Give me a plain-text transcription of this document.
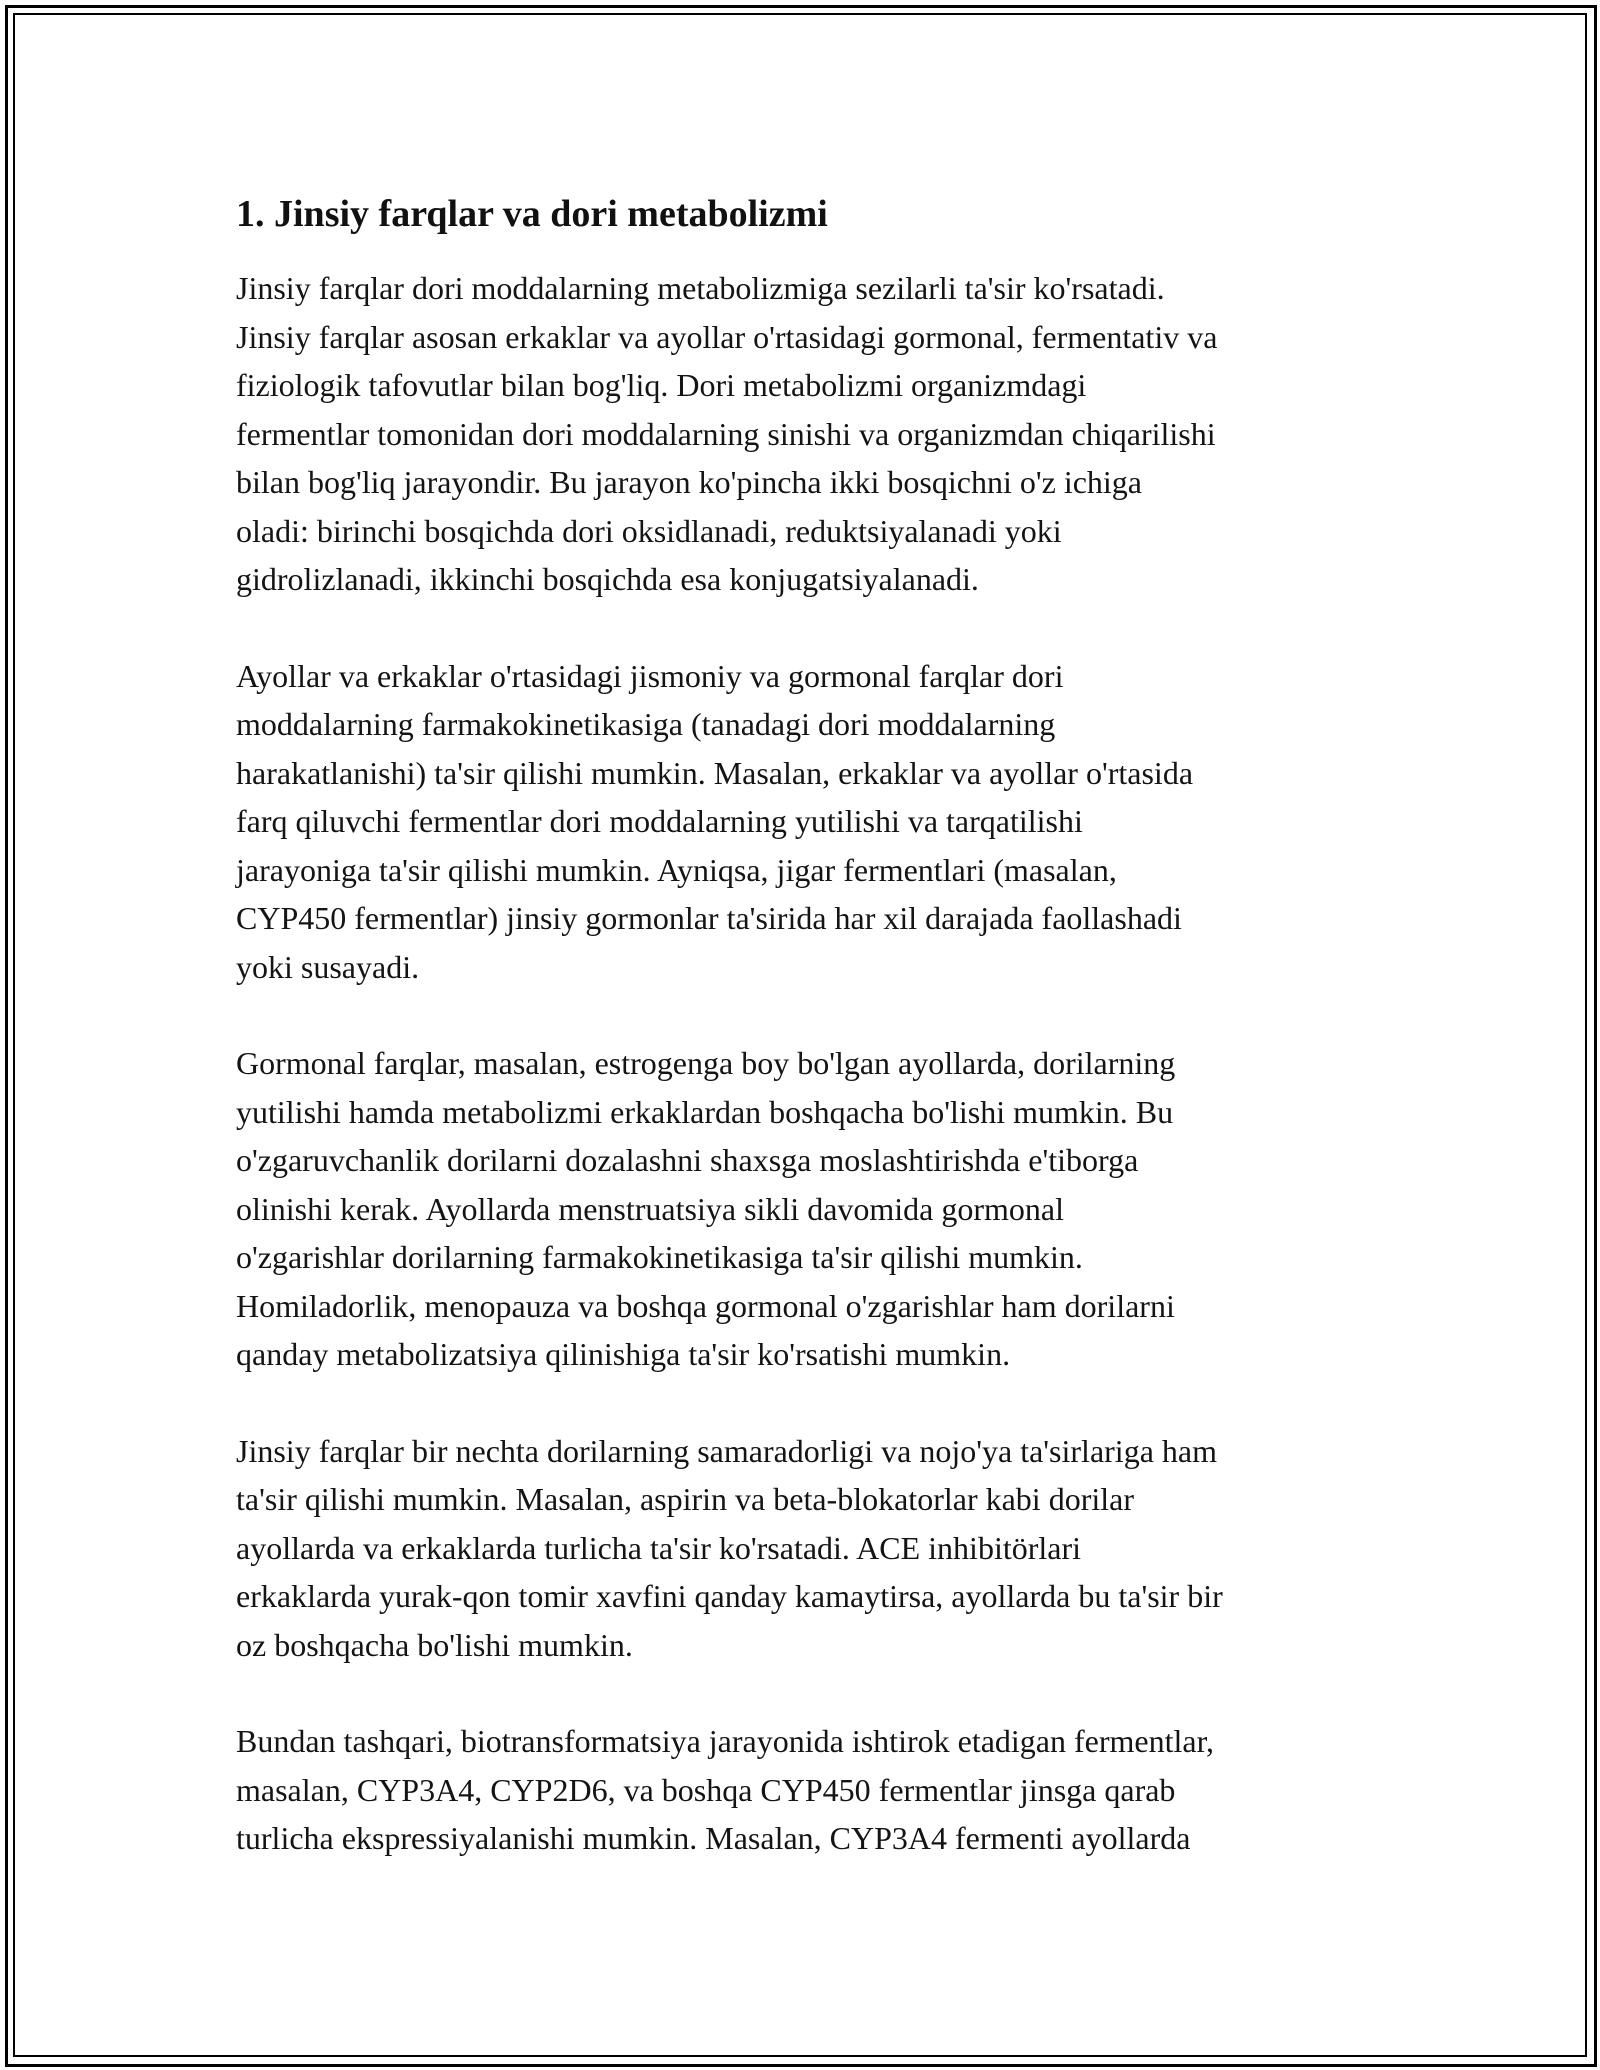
1. Jinsiy farqlar va dori metabolizmi

Jinsiy farqlar dori moddalarning metabolizmiga sezilarli ta'sir ko'rsatadi.
Jinsiy farqlar asosan erkaklar va ayollar o'rtasidagi gormonal, fermentativ va
fiziologik tafovutlar bilan bog'liq. Dori metabolizmi organizmdagi
fermentlar tomonidan dori moddalarning sinishi va organizmdan chiqarilishi
bilan bog'liq jarayondir. Bu jarayon ko'pincha ikki bosqichni o'z ichiga
oladi: birinchi bosqichda dori oksidlanadi, reduktsiyalanadi yoki
gidrolizlanadi, ikkinchi bosqichda esa konjugatsiyalanadi.

Ayollar va erkaklar o'rtasidagi jismoniy va gormonal farqlar dori
moddalarning farmakokinetikasiga (tanadagi dori moddalarning
harakatlanishi) ta'sir qilishi mumkin. Masalan, erkaklar va ayollar o'rtasida
farq qiluvchi fermentlar dori moddalarning yutilishi va tarqatilishi
jarayoniga ta'sir qilishi mumkin. Ayniqsa, jigar fermentlari (masalan,
CYP450 fermentlar) jinsiy gormonlar ta'sirida har xil darajada faollashadi
yoki susayadi.

Gormonal farqlar, masalan, estrogenga boy bo'lgan ayollarda, dorilarning
yutilishi hamda metabolizmi erkaklardan boshqacha bo'lishi mumkin. Bu
o'zgaruvchanlik dorilarni dozalashni shaxsga moslashtirishda e'tiborga
olinishi kerak. Ayollarda menstruatsiya sikli davomida gormonal
o'zgarishlar dorilarning farmakokinetikasiga ta'sir qilishi mumkin.
Homiladorlik, menopauza va boshqa gormonal o'zgarishlar ham dorilarni
qanday metabolizatsiya qilinishiga ta'sir ko'rsatishi mumkin.

Jinsiy farqlar bir nechta dorilarning samaradorligi va nojo'ya ta'sirlariga ham
ta'sir qilishi mumkin. Masalan, aspirin va beta-blokatorlar kabi dorilar
ayollarda va erkaklarda turlicha ta'sir ko'rsatadi. ACE inhibitörlari
erkaklarda yurak-qon tomir xavfini qanday kamaytirsa, ayollarda bu ta'sir bir
oz boshqacha bo'lishi mumkin.

Bundan tashqari, biotransformatsiya jarayonida ishtirok etadigan fermentlar,
masalan, CYP3A4, CYP2D6, va boshqa CYP450 fermentlar jinsga qarab
turlicha ekspressiyalanishi mumkin. Masalan, CYP3A4 fermenti ayollarda
